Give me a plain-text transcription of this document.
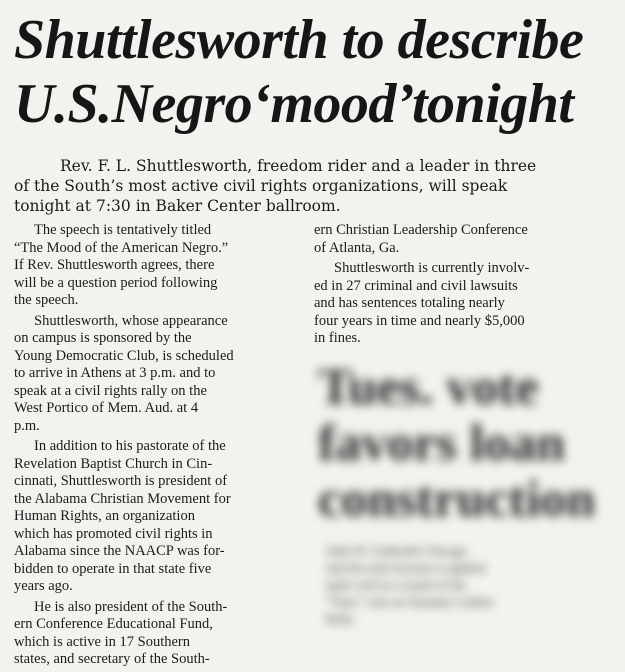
Shuttlesworth to describe
U.S.Negro‘mood’tonight
Rev. F. L. Shuttlesworth, freedom rider and a leader in three
of the South’s most active civil rights organizations, will speak
tonight at 7:30 in Baker Center ballroom.

The speech is tentatively titled
“The Mood of the American Negro.”
If Rev. Shuttlesworth agrees, there
will be a question period following
the speech.

Shuttlesworth, whose appearance
on campus is sponsored by the
Young Democratic Club, is scheduled
to arrive in Athens at 3 p.m. and to
speak at a civil rights rally on the
West Portico of Mem. Aud. at 4
p.m.

In addition to his pastorate of the
Revelation Baptist Church in Cin-
cinnati, Shuttlesworth is president of
the Alabama Christian Movement for
Human Rights, an organization
which has promoted civil rights in
Alabama since the NAACP was for-
bidden to operate in that state five
years ago.

He is also president of the South-
ern Conference Educational Fund,
which is active in 17 Southern
states, and secretary of the South-

ern Christian Leadership Conference
of Atlanta, Ga.

Shuttlesworth is currently involv-
ed in 27 criminal and civil lawsuits
and has sentences totaling nearly
four years in time and nearly $5,000
in fines.

Tues. vote
favors loan
construction
John W. Galbraith Chicago
and the total income is applied
quite well as a result of the
“Tues” vote on Tuesday’s ballot.
Rally
